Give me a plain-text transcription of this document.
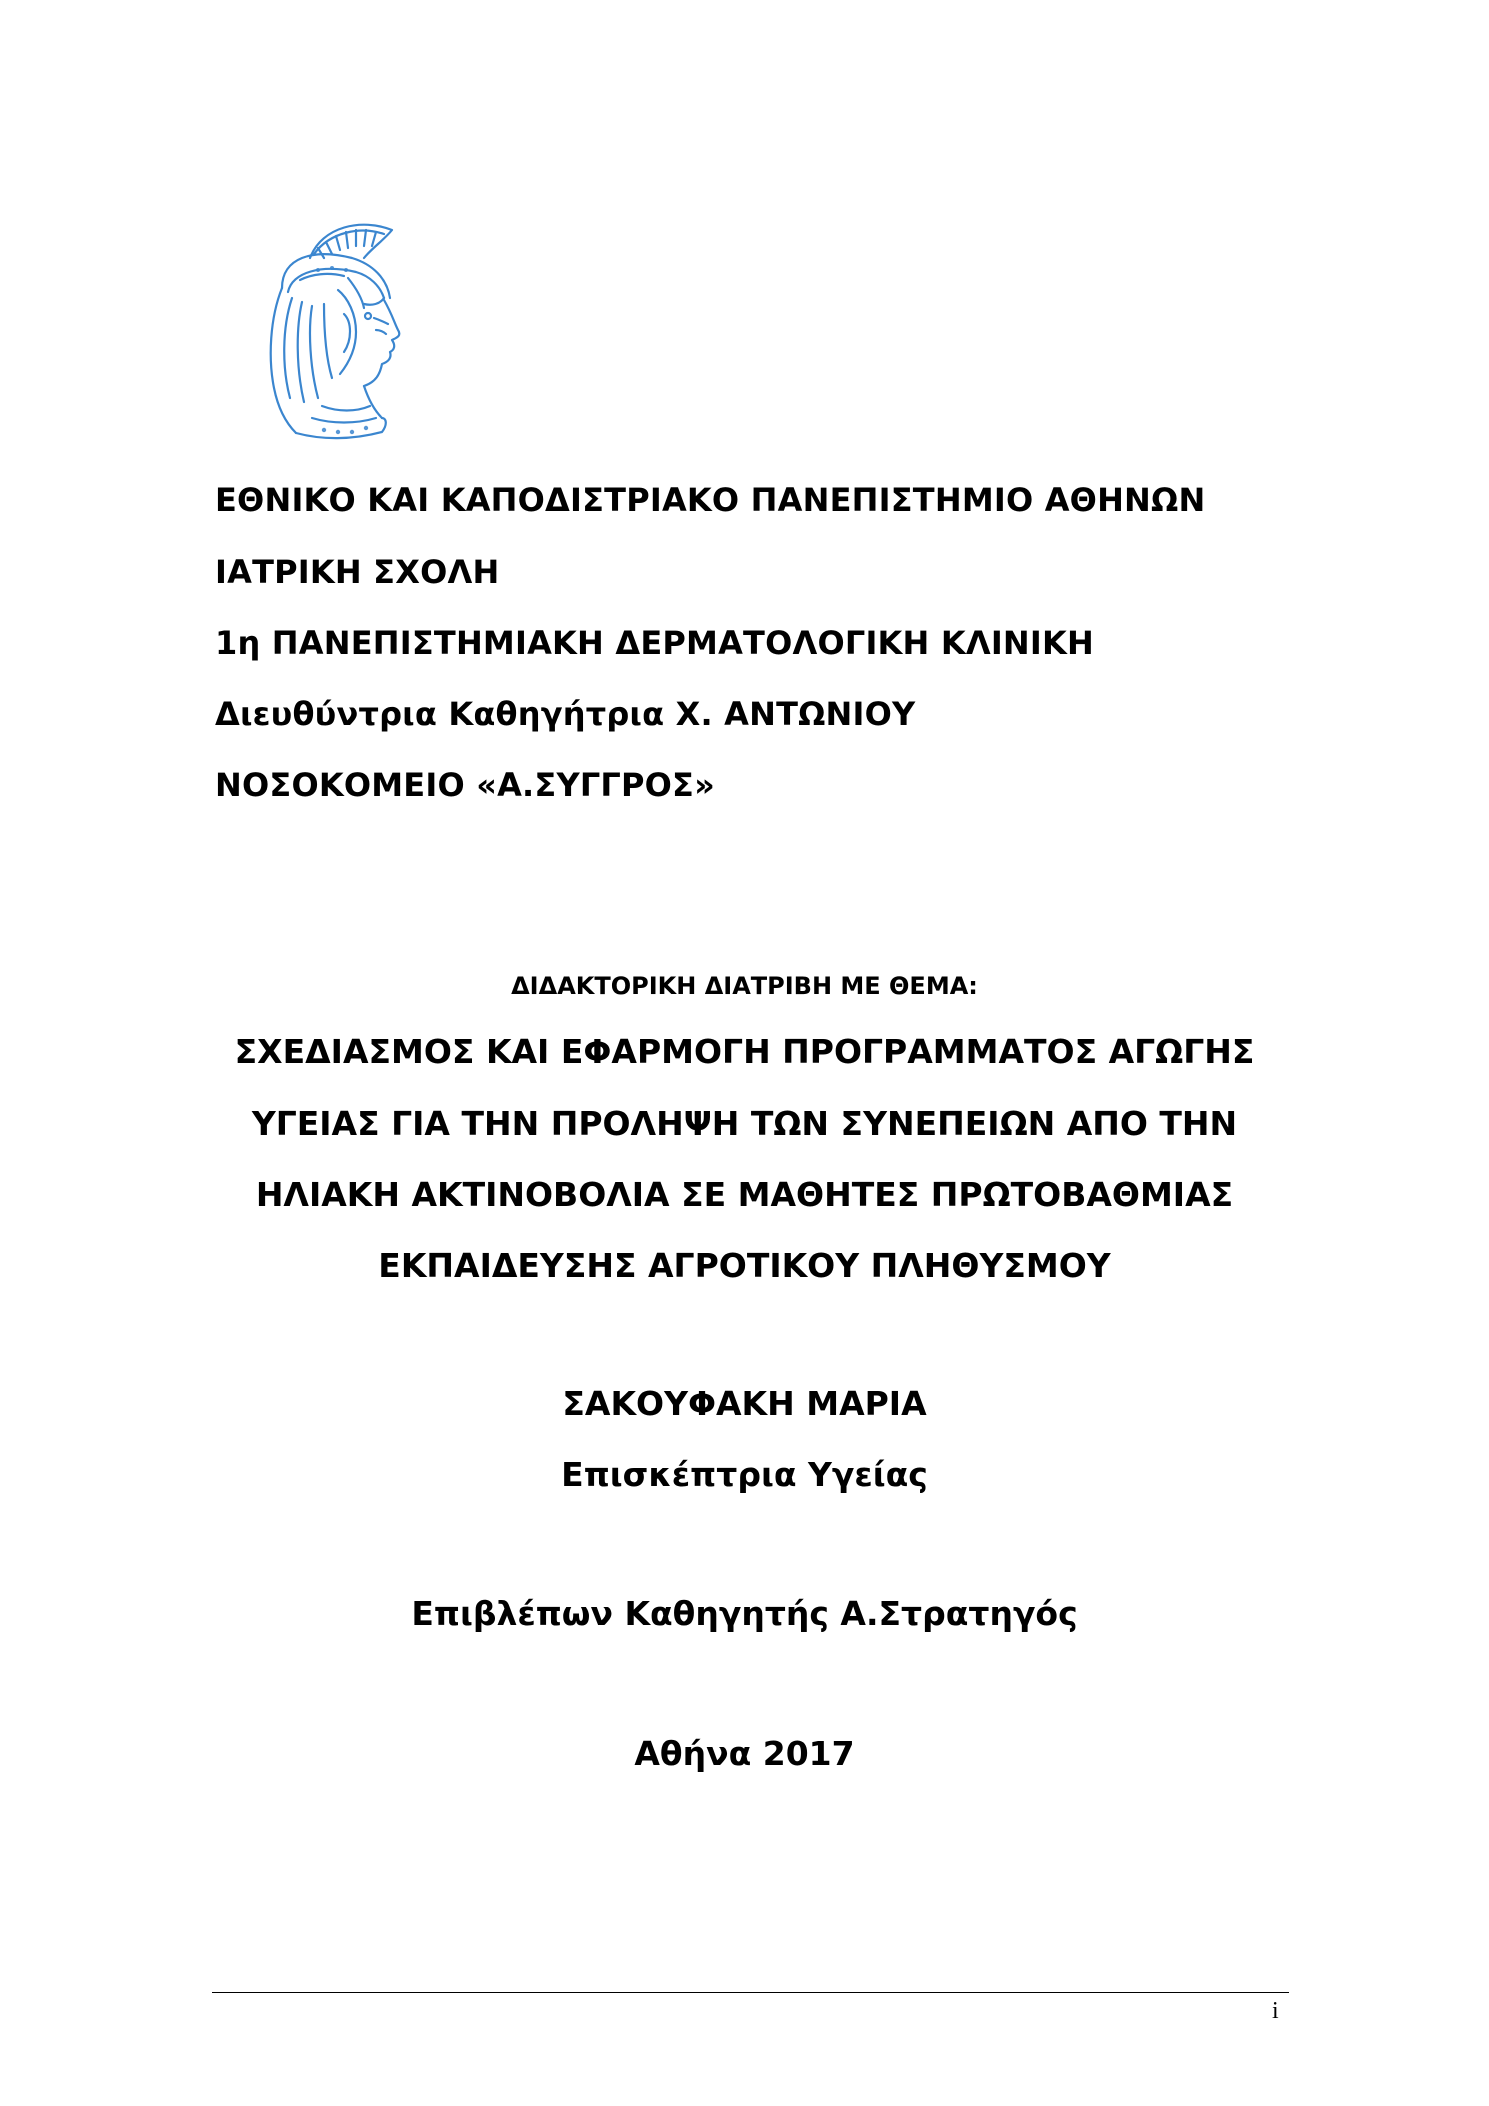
ΕΘΝΙΚΟ ΚΑΙ ΚΑΠΟΔΙΣΤΡΙΑΚΟ ΠΑΝΕΠΙΣΤΗΜΙΟ ΑΘΗΝΩΝ
ΙΑΤΡΙΚΗ ΣΧΟΛΗ
1η ΠΑΝΕΠΙΣΤΗΜΙΑΚΗ ΔΕΡΜΑΤΟΛΟΓΙΚΗ ΚΛΙΝΙΚΗ
Διευθύντρια Καθηγήτρια Χ. ΑΝΤΩΝΙΟΥ
ΝΟΣΟΚΟΜΕΙΟ «Α.ΣΥΓΓΡΟΣ»
ΔΙΔΑΚΤΟΡΙΚΗ ΔΙΑΤΡΙΒΗ ΜΕ ΘΕΜΑ:
ΣΧΕΔΙΑΣΜΟΣ ΚΑΙ ΕΦΑΡΜΟΓΗ ΠΡΟΓΡΑΜΜΑΤΟΣ ΑΓΩΓΗΣ
ΥΓΕΙΑΣ ΓΙΑ ΤΗΝ ΠΡΟΛΗΨΗ ΤΩΝ ΣΥΝΕΠΕΙΩΝ ΑΠΟ ΤΗΝ
ΗΛΙΑΚΗ ΑΚΤΙΝΟΒΟΛΙΑ ΣΕ ΜΑΘΗΤΕΣ ΠΡΩΤΟΒΑΘΜΙΑΣ
ΕΚΠΑΙΔΕΥΣΗΣ ΑΓΡΟΤΙΚΟΥ ΠΛΗΘΥΣΜΟΥ
ΣΑΚΟΥΦΑΚΗ ΜΑΡΙΑ
Επισκέπτρια Υγείας
Επιβλέπων Καθηγητής Α.Στρατηγός
Αθήνα 2017
i
